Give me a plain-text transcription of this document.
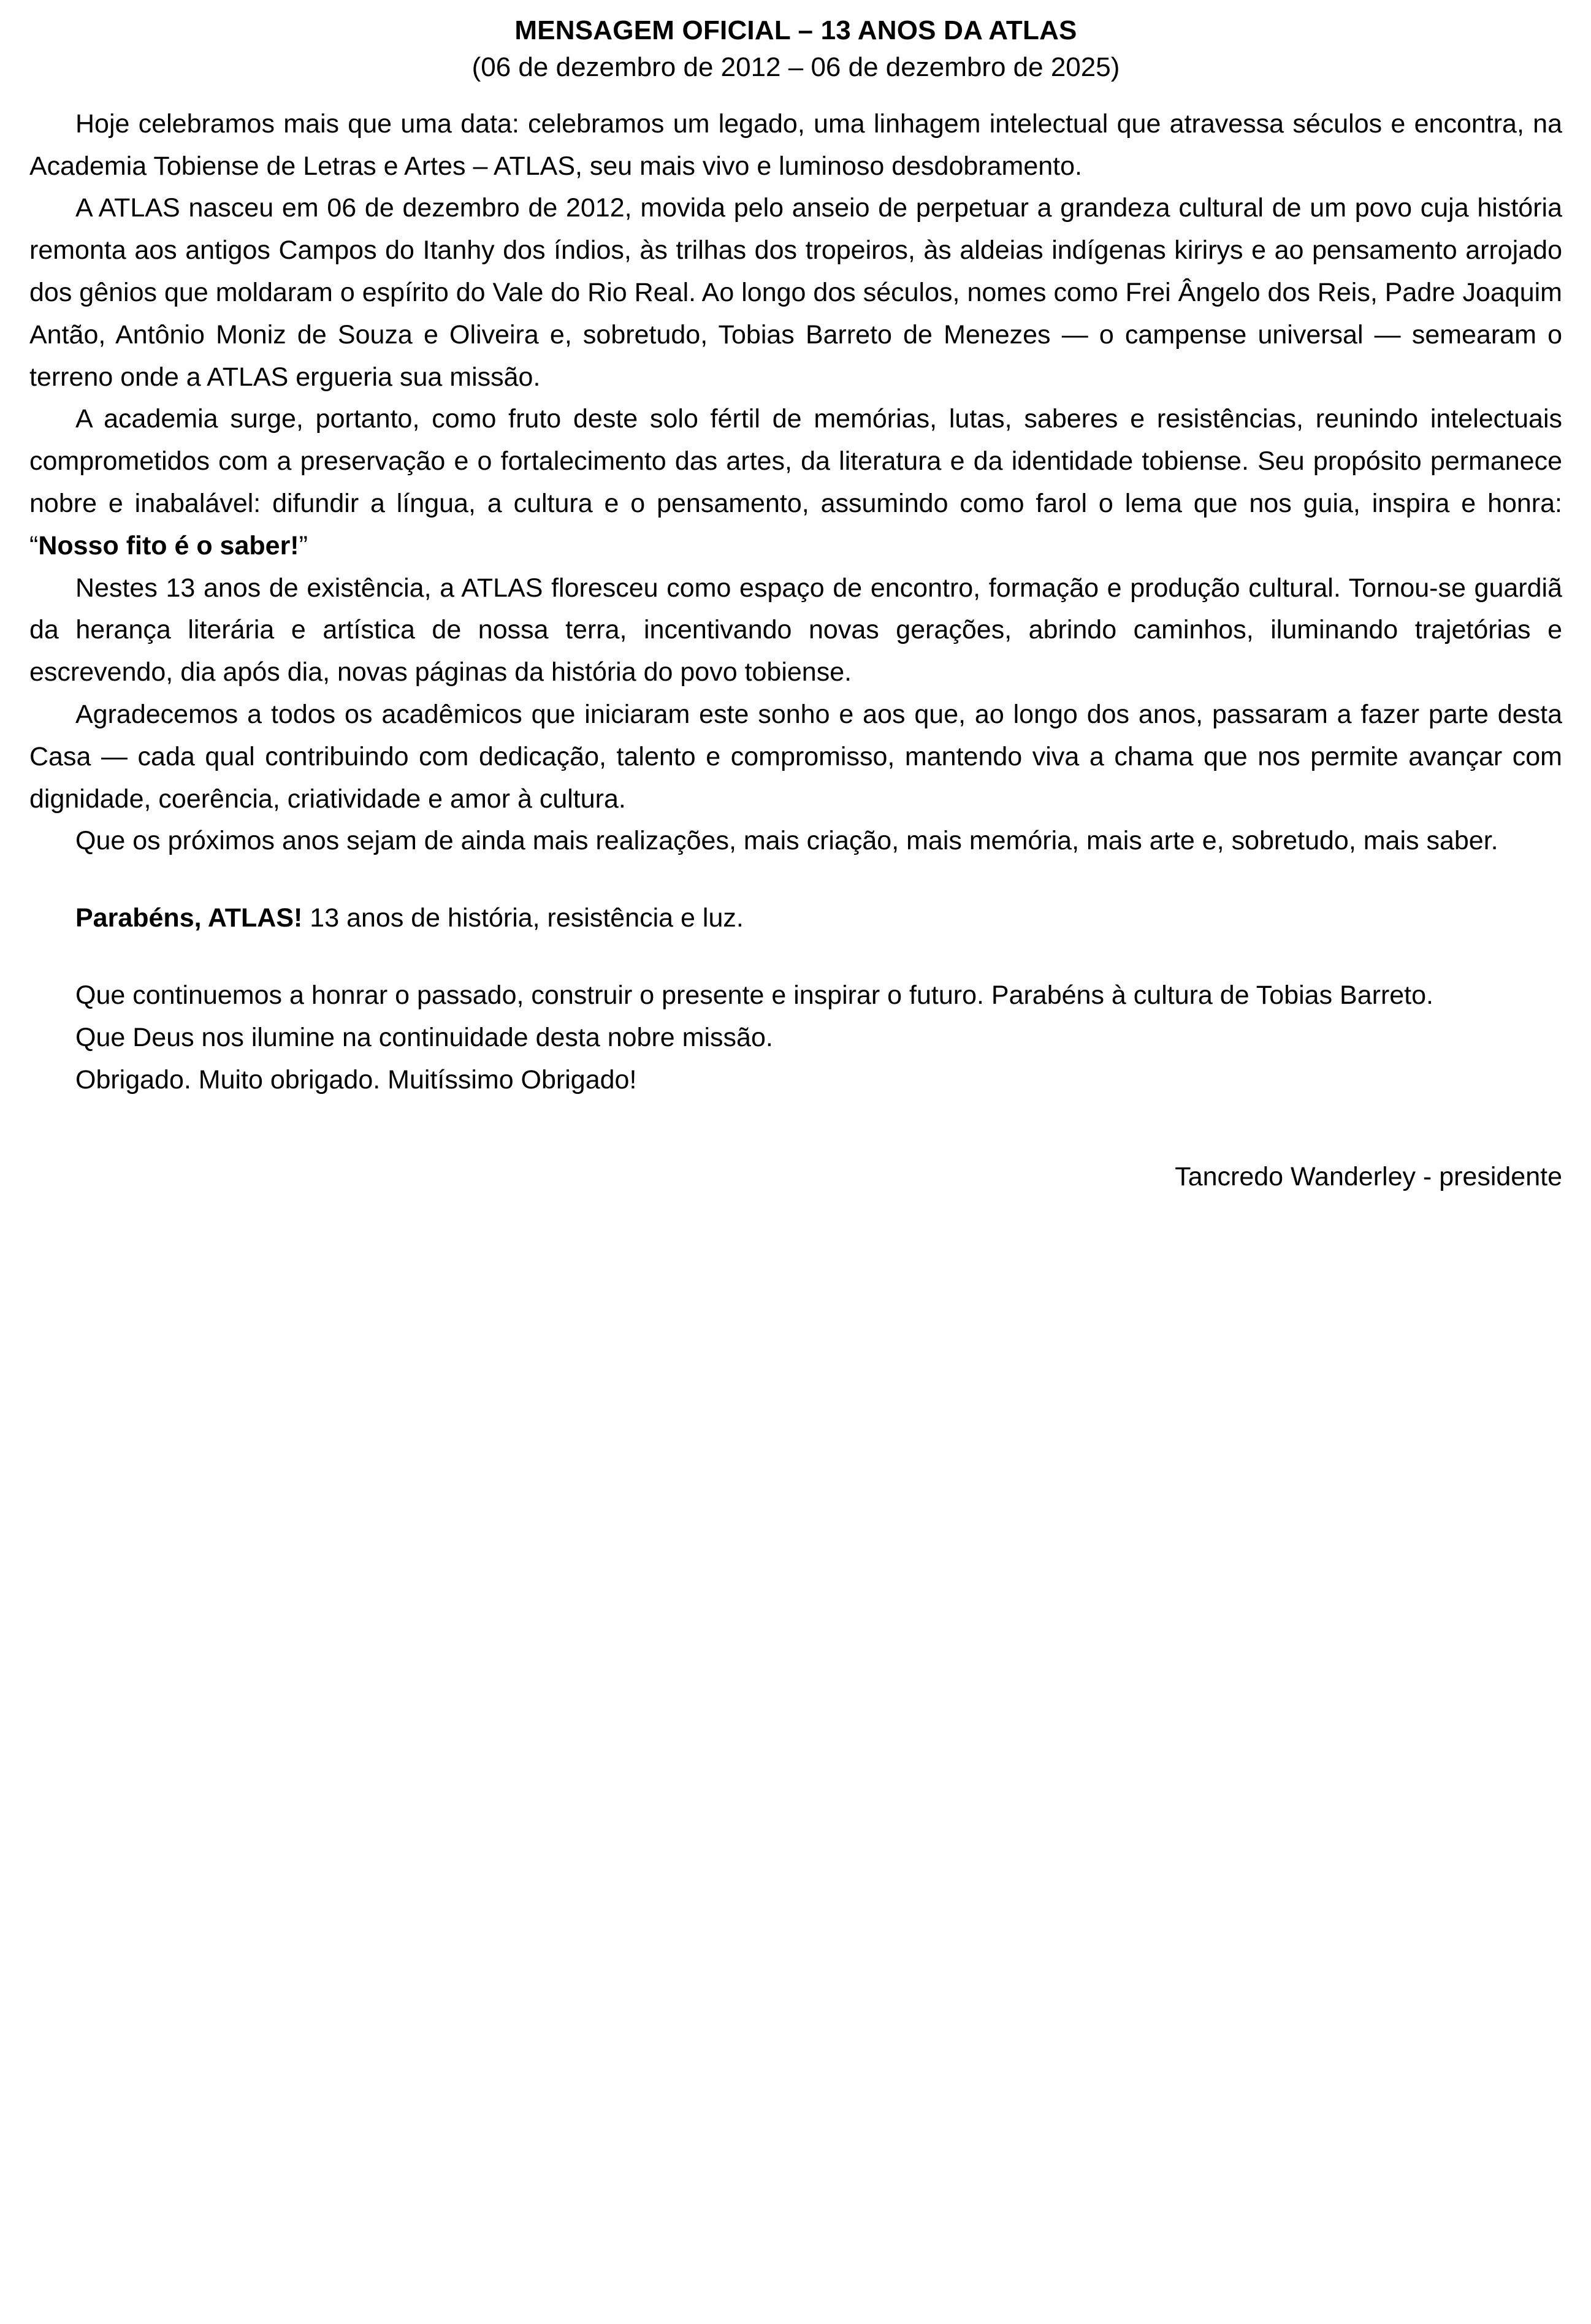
MENSAGEM OFICIAL – 13 ANOS DA ATLAS
(06 de dezembro de 2012 – 06 de dezembro de 2025)

Hoje celebramos mais que uma data: celebramos um legado, uma linhagem intelectual que atravessa séculos e encontra, na Academia Tobiense de Letras e Artes – ATLAS, seu mais vivo e luminoso desdobramento.

A ATLAS nasceu em 06 de dezembro de 2012, movida pelo anseio de perpetuar a grandeza cultural de um povo cuja história remonta aos antigos Campos do Itanhy dos índios, às trilhas dos tropeiros, às aldeias indígenas kirirys e ao pensamento arrojado dos gênios que moldaram o espírito do Vale do Rio Real. Ao longo dos séculos, nomes como Frei Ângelo dos Reis, Padre Joaquim Antão, Antônio Moniz de Souza e Oliveira e, sobretudo, Tobias Barreto de Menezes — o campense universal — semearam o terreno onde a ATLAS ergueria sua missão.

A academia surge, portanto, como fruto deste solo fértil de memórias, lutas, saberes e resistências, reunindo intelectuais comprometidos com a preservação e o fortalecimento das artes, da literatura e da identidade tobiense. Seu propósito permanece nobre e inabalável: difundir a língua, a cultura e o pensamento, assumindo como farol o lema que nos guia, inspira e honra: “Nosso fito é o saber!”

Nestes 13 anos de existência, a ATLAS floresceu como espaço de encontro, formação e produção cultural. Tornou-se guardiã da herança literária e artística de nossa terra, incentivando novas gerações, abrindo caminhos, iluminando trajetórias e escrevendo, dia após dia, novas páginas da história do povo tobiense.

Agradecemos a todos os acadêmicos que iniciaram este sonho e aos que, ao longo dos anos, passaram a fazer parte desta Casa — cada qual contribuindo com dedicação, talento e compromisso, mantendo viva a chama que nos permite avançar com dignidade, coerência, criatividade e amor à cultura.

Que os próximos anos sejam de ainda mais realizações, mais criação, mais memória, mais arte e, sobretudo, mais saber.

Parabéns, ATLAS! 13 anos de história, resistência e luz.

Que continuemos a honrar o passado, construir o presente e inspirar o futuro. Parabéns à cultura de Tobias Barreto.

Que Deus nos ilumine na continuidade desta nobre missão.

Obrigado. Muito obrigado. Muitíssimo Obrigado!

Tancredo Wanderley - presidente
